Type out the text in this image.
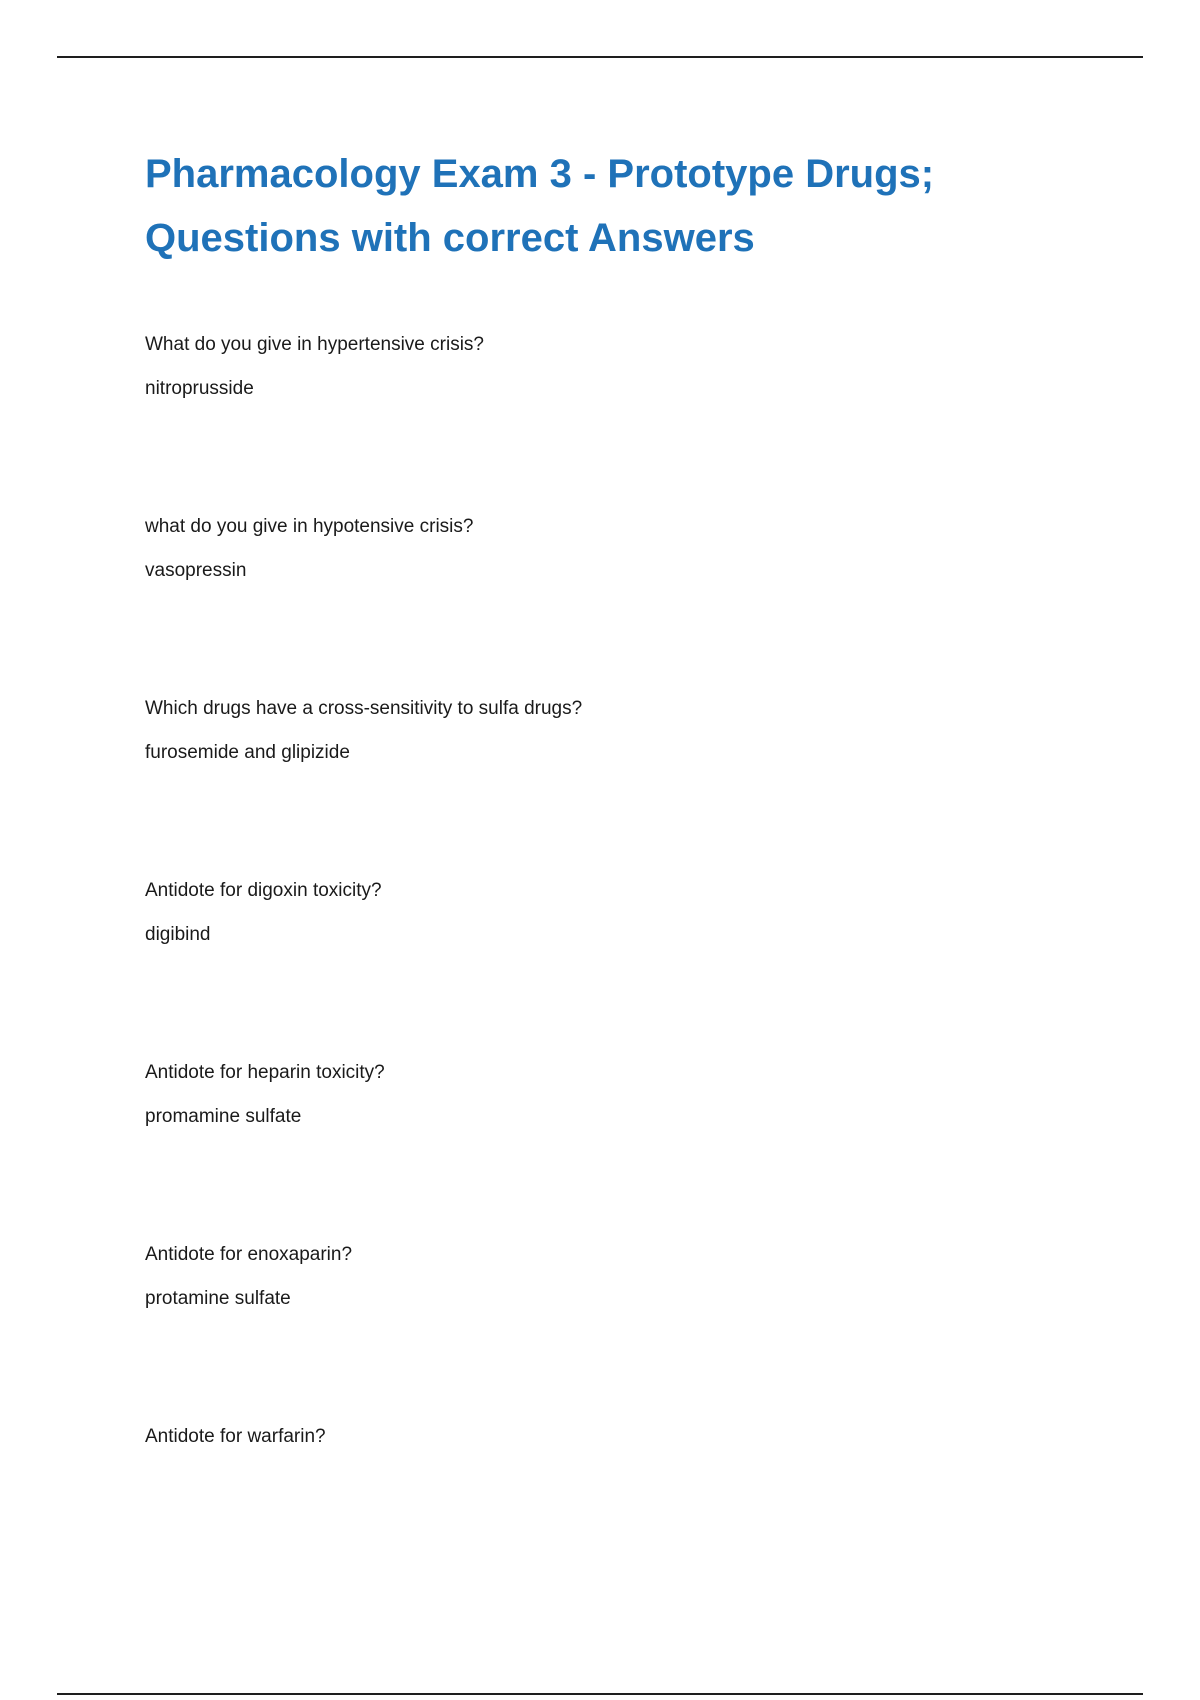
Pharmacology Exam 3 - Prototype Drugs;
Questions with correct Answers
What do you give in hypertensive crisis?
nitroprusside
what do you give in hypotensive crisis?
vasopressin
Which drugs have a cross-sensitivity to sulfa drugs?
furosemide and glipizide
Antidote for digoxin toxicity?
digibind
Antidote for heparin toxicity?
promamine sulfate
Antidote for enoxaparin?
protamine sulfate
Antidote for warfarin?
